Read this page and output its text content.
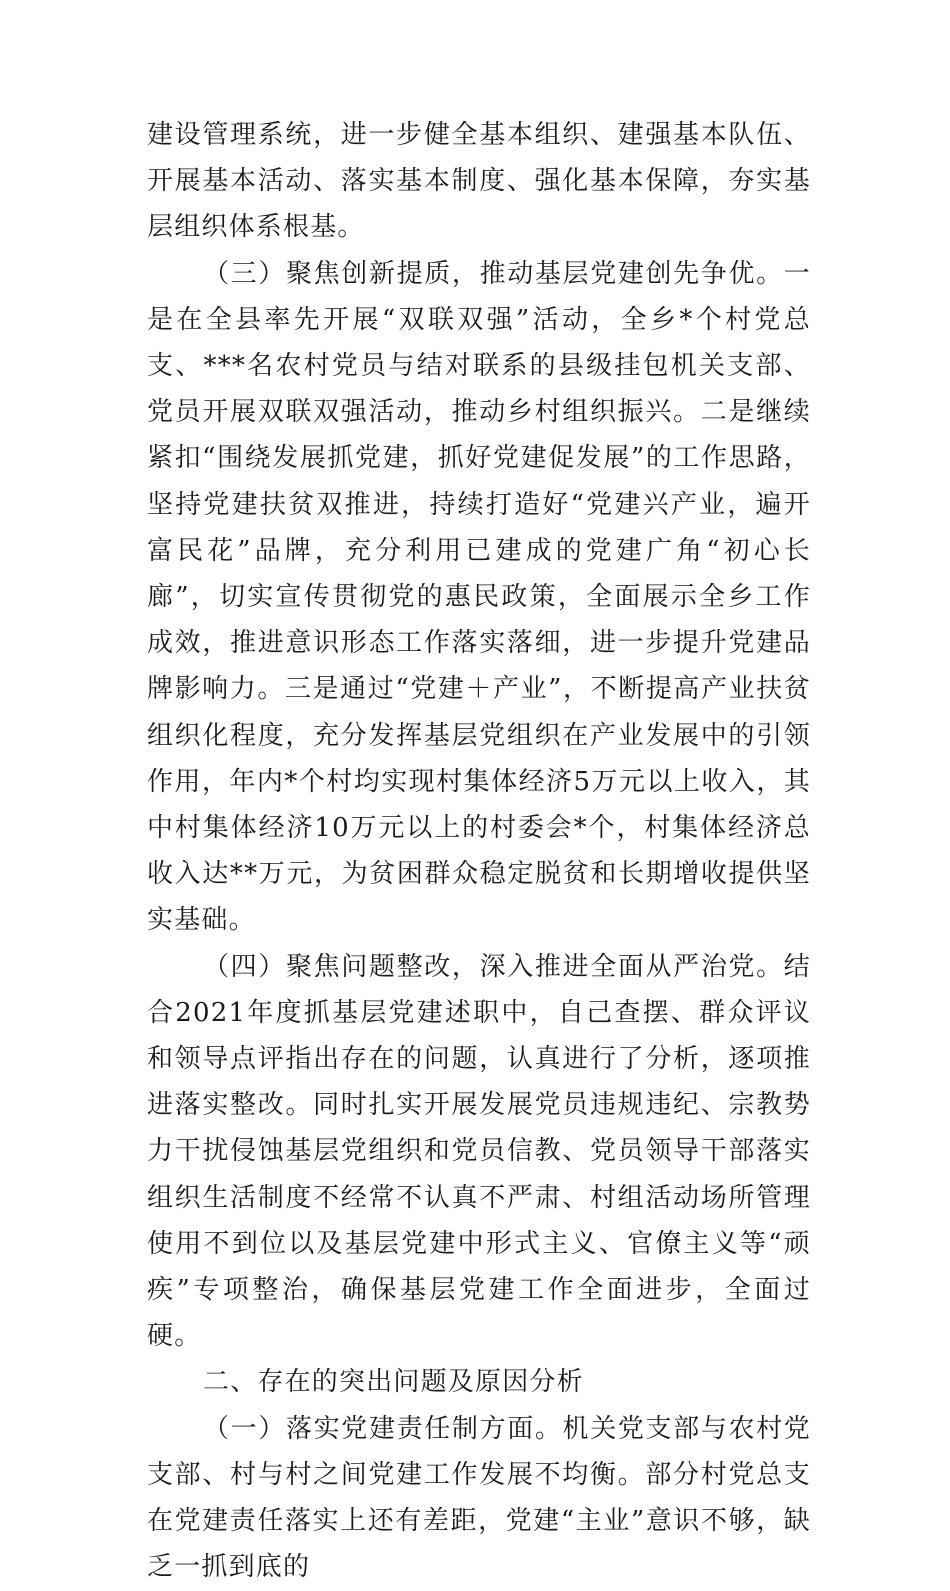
建设管理系统，进一步健全基本组织、建强基本队伍、开展基本活动、落实基本制度、强化基本保障，夯实基层组织体系根基。

（三）聚焦创新提质，推动基层党建创先争优。一是在全县率先开展“双联双强”活动，全乡*个村党总支、***名农村党员与结对联系的县级挂包机关支部、党员开展双联双强活动，推动乡村组织振兴。二是继续紧扣“围绕发展抓党建，抓好党建促发展”的工作思路，坚持党建扶贫双推进，持续打造好“党建兴产业，遍开富民花”品牌，充分利用已建成的党建广角“初心长廊”，切实宣传贯彻党的惠民政策，全面展示全乡工作成效，推进意识形态工作落实落细，进一步提升党建品牌影响力。三是通过“党建＋产业”，不断提高产业扶贫组织化程度，充分发挥基层党组织在产业发展中的引领作用，年内*个村均实现村集体经济5万元以上收入，其中村集体经济10万元以上的村委会*个，村集体经济总收入达**万元，为贫困群众稳定脱贫和长期增收提供坚实基础。

（四）聚焦问题整改，深入推进全面从严治党。结合2021年度抓基层党建述职中，自己查摆、群众评议和领导点评指出存在的问题，认真进行了分析，逐项推进落实整改。同时扎实开展发展党员违规违纪、宗教势力干扰侵蚀基层党组织和党员信教、党员领导干部落实组织生活制度不经常不认真不严肃、村组活动场所管理使用不到位以及基层党建中形式主义、官僚主义等“顽疾”专项整治，确保基层党建工作全面进步，全面过硬。

二、存在的突出问题及原因分析

（一）落实党建责任制方面。机关党支部与农村党支部、村与村之间党建工作发展不均衡。部分村党总支在党建责任落实上还有差距，党建“主业”意识不够，缺乏一抓到底的
